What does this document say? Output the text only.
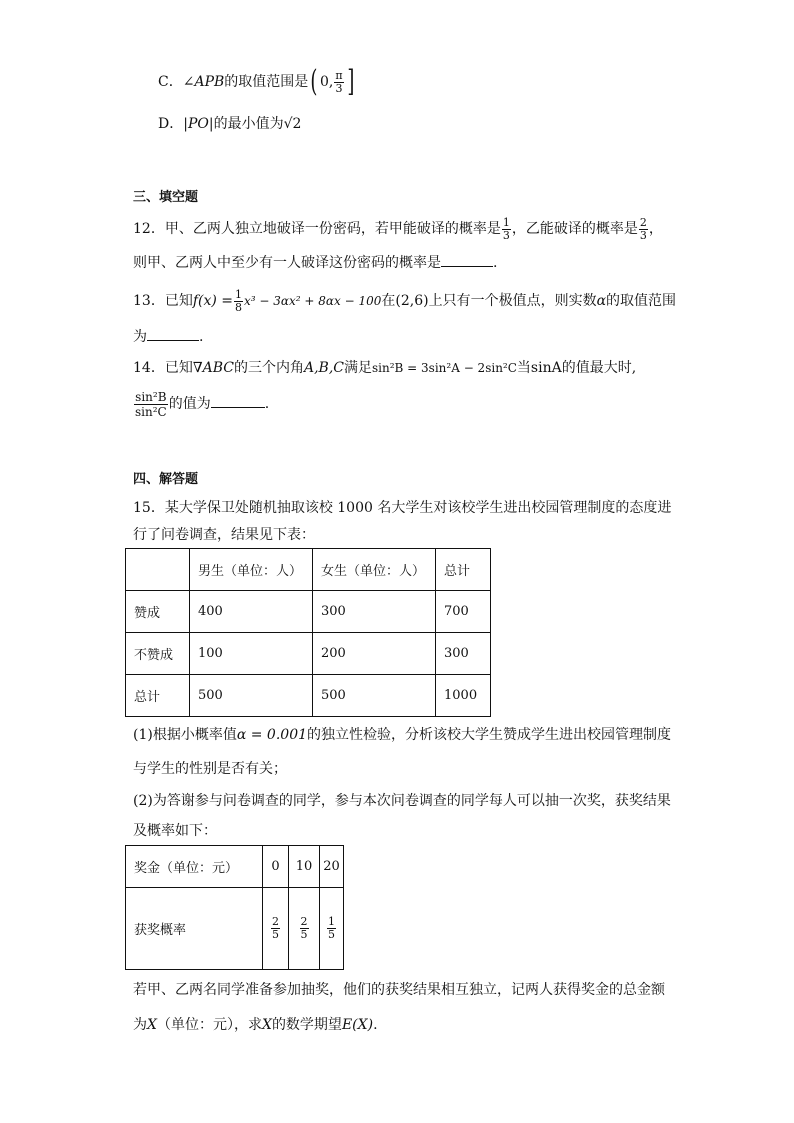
C．∠APB的取值范围是( 0, $\frac{\pi}{3}$ ]
D．|PO|的最小值为√2
三、填空题
12．甲、乙两人独立地破译一份密码，若甲能破译的概率是 $\frac{1}{3}$ ，乙能破译的概率是 $\frac{2}{3}$ ，
则甲、乙两人中至少有一人破译这份密码的概率是	.
13．已知$f(x) = \frac{1}{8} x^3 - 3\alpha x^2 + 8\alpha x - 100$在(2,6)上只有一个极值点，则实数α的取值范围
为	.
14．已知∇ABC的三个内角A,B,C满足sin²B = 3sin²A − 2sin²C当sinA的值最大时,
$\frac{\text{sin²B}}{\text{sin²C}}$ 的值为	.
四、解答题
15．某大学保卫处随机抽取该校 1000 名大学生对该校学生进出校园管理制度的态度进
行了问卷调查，结果见下表：
	男生（单位：人）	女生（单位：人）	总计
赞成	400	300	700
不赞成	100	200	300
总计	500	500	1000
(1)根据小概率值α = 0.001的独立性检验，分析该校大学生赞成学生进出校园管理制度
与学生的性别是否有关；
(2)为答谢参与问卷调查的同学，参与本次问卷调查的同学每人可以抽一次奖，获奖结果
及概率如下：
奖金（单位：元）	0	10	20
获奖概率	$\frac{2}{5}$	$\frac{2}{5}$	$\frac{1}{5}$
若甲、乙两名同学准备参加抽奖，他们的获奖结果相互独立，记两人获得奖金的总金额
为X（单位：元），求X的数学期望E(X).
